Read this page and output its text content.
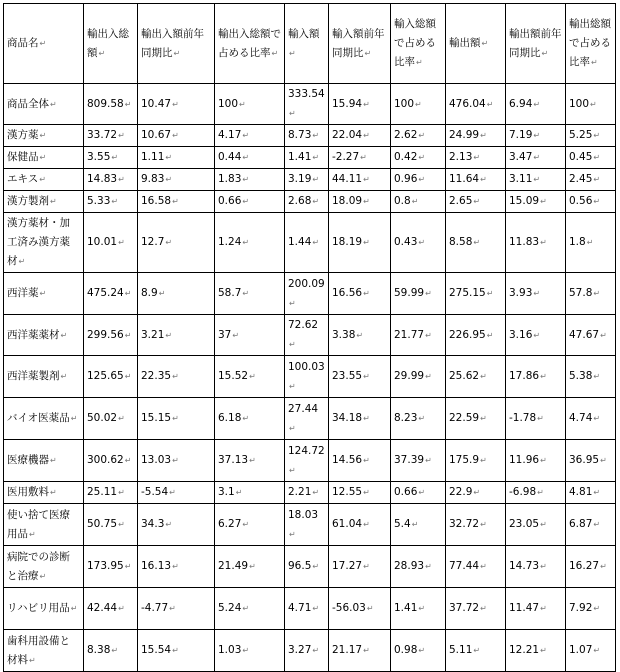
商品名↵	輸出入総額↵	輸出入額前年同期比↵	輸出入総額で占める比率↵	輸入額↵	輸入額前年同期比↵	輸入総額で占める比率↵	輸出額↵	輸出額前年同期比↵	輸出総額で占める比率↵
商品全体↵	809.58↵	10.47↵	100↵	333.54↵	15.94↵	100↵	476.04↵	6.94↵	100↵
漢方薬↵	33.72↵	10.67↵	4.17↵	8.73↵	22.04↵	2.62↵	24.99↵	7.19↵	5.25↵
保健品↵	3.55↵	1.11↵	0.44↵	1.41↵	-2.27↵	0.42↵	2.13↵	3.47↵	0.45↵
エキス↵	14.83↵	9.83↵	1.83↵	3.19↵	44.11↵	0.96↵	11.64↵	3.11↵	2.45↵
漢方製剤↵	5.33↵	16.58↵	0.66↵	2.68↵	18.09↵	0.8↵	2.65↵	15.09↵	0.56↵
漢方薬材・加工済み漢方薬材↵	10.01↵	12.7↵	1.24↵	1.44↵	18.19↵	0.43↵	8.58↵	11.83↵	1.8↵
西洋薬↵	475.24↵	8.9↵	58.7↵	200.09↵	16.56↵	59.99↵	275.15↵	3.93↵	57.8↵
西洋薬薬材↵	299.56↵	3.21↵	37↵	72.62↵	3.38↵	21.77↵	226.95↵	3.16↵	47.67↵
西洋薬製剤↵	125.65↵	22.35↵	15.52↵	100.03↵	23.55↵	29.99↵	25.62↵	17.86↵	5.38↵
バイオ医薬品↵	50.02↵	15.15↵	6.18↵	27.44↵	34.18↵	8.23↵	22.59↵	-1.78↵	4.74↵
医療機器↵	300.62↵	13.03↵	37.13↵	124.72↵	14.56↵	37.39↵	175.9↵	11.96↵	36.95↵
医用敷料↵	25.11↵	-5.54↵	3.1↵	2.21↵	12.55↵	0.66↵	22.9↵	-6.98↵	4.81↵
使い捨て医療用品↵	50.75↵	34.3↵	6.27↵	18.03↵	61.04↵	5.4↵	32.72↵	23.05↵	6.87↵
病院での診断と治療↵	173.95↵	16.13↵	21.49↵	96.5↵	17.27↵	28.93↵	77.44↵	14.73↵	16.27↵
リハビリ用品↵	42.44↵	-4.77↵	5.24↵	4.71↵	-56.03↵	1.41↵	37.72↵	11.47↵	7.92↵
歯科用設備と材料↵	8.38↵	15.54↵	1.03↵	3.27↵	21.17↵	0.98↵	5.11↵	12.21↵	1.07↵
